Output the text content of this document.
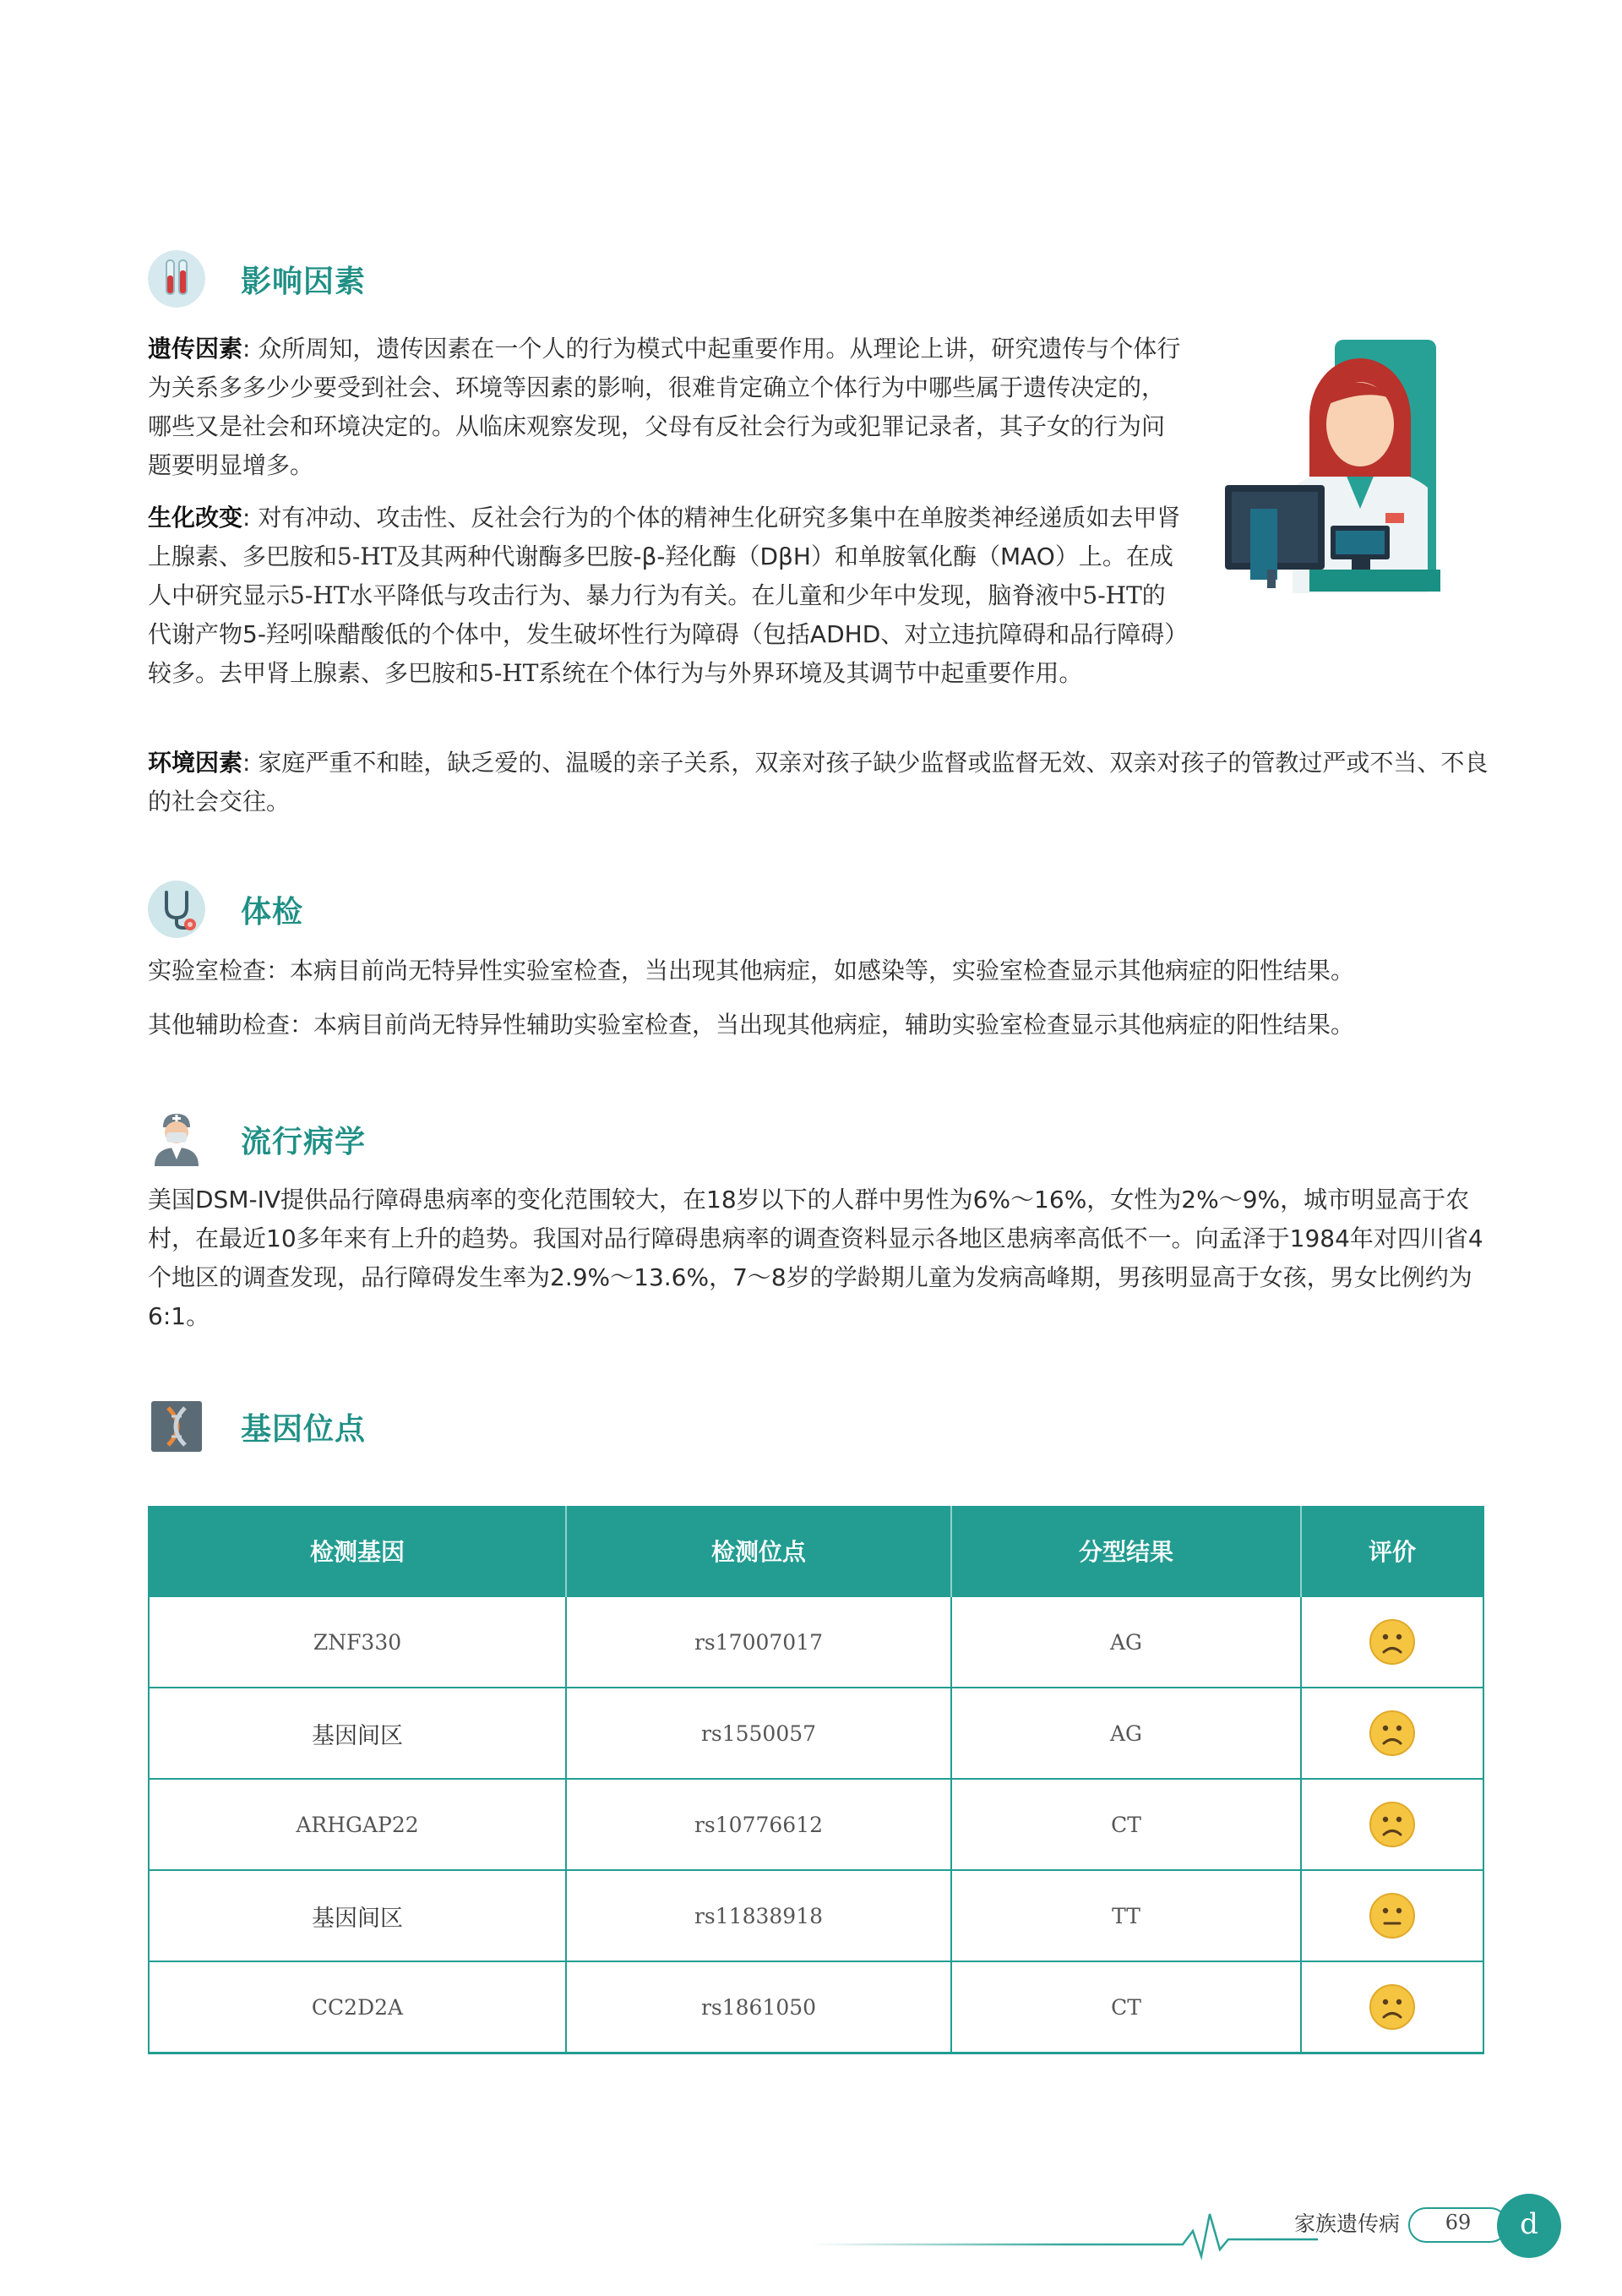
影响因素

遗传因素: 众所周知，遗传因素在一个人的行为模式中起重要作用。从理论上讲，研究遗传与个体行为关系多多少少要受到社会、环境等因素的影响，很难肯定确立个体行为中哪些属于遗传决定的，哪些又是社会和环境决定的。从临床观察发现，父母有反社会行为或犯罪记录者，其子女的行为问题要明显增多。

生化改变: 对有冲动、攻击性、反社会行为的个体的精神生化研究多集中在单胺类神经递质如去甲肾上腺素、多巴胺和5-HT及其两种代谢酶多巴胺-β-羟化酶（DβH）和单胺氧化酶（MAO）上。在成人中研究显示5-HT水平降低与攻击行为、暴力行为有关。在儿童和少年中发现，脑脊液中5-HT的代谢产物5-羟吲哚醋酸低的个体中，发生破坏性行为障碍（包括ADHD、对立违抗障碍和品行障碍）较多。去甲肾上腺素、多巴胺和5-HT系统在个体行为与外界环境及其调节中起重要作用。

环境因素: 家庭严重不和睦，缺乏爱的、温暖的亲子关系，双亲对孩子缺少监督或监督无效、双亲对孩子的管教过严或不当、不良的社会交往。

体检

实验室检查：本病目前尚无特异性实验室检查，当出现其他病症，如感染等，实验室检查显示其他病症的阳性结果。

其他辅助检查：本病目前尚无特异性辅助实验室检查，当出现其他病症，辅助实验室检查显示其他病症的阳性结果。

流行病学

美国DSM-IV提供品行障碍患病率的变化范围较大，在18岁以下的人群中男性为6%～16%，女性为2%～9%，城市明显高于农村，在最近10多年来有上升的趋势。我国对品行障碍患病率的调查资料显示各地区患病率高低不一。向孟泽于1984年对四川省4个地区的调查发现，品行障碍发生率为2.9%～13.6%，7～8岁的学龄期儿童为发病高峰期，男孩明显高于女孩，男女比例约为6:1。

基因位点
检测基因	检测位点	分型结果	评价
ZNF330	rs17007017	AG	
基因间区	rs1550057	AG	
ARHGAP22	rs10776612	CT	
基因间区	rs11838918	TT	
CC2D2A	rs1861050	CT	
家族遗传病	69	d
